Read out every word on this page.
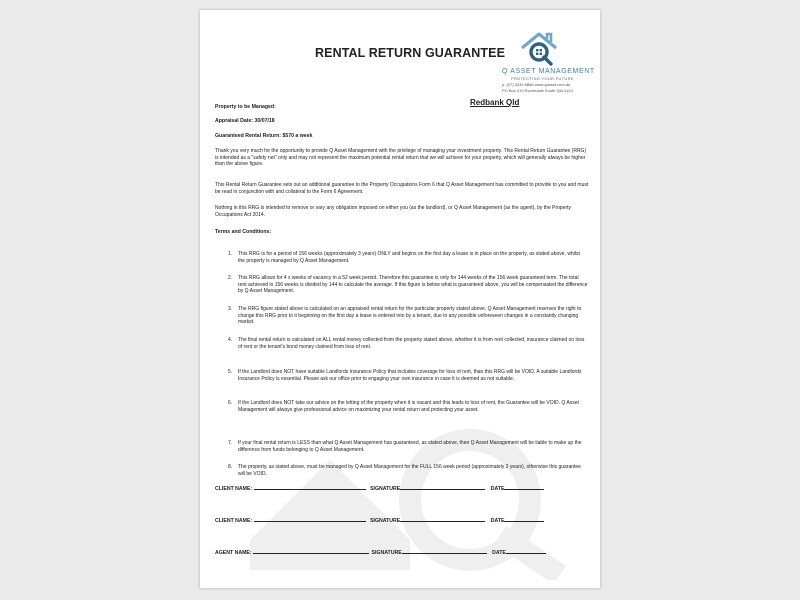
RENTAL RETURN GUARANTEE
Q ASSET MANAGEMENT
PROTECTING YOUR FUTURE
p. (07) 3249 8888 www.qasset.com.au
PO Box 219 Rochedale South Qld 4123
Property to be Managed:	Redbank Qld
Appraisal Date: 30/07/18
Guaranteed Rental Return: $570 a week

Thank you very much for the opportunity to provide Q Asset Management with the privilege of managing your investment property. This Rental Return Guarantee (RRG) is intended as a "safety net" only and may not represent the maximum potential rental return that we will achieve for your property, which will generally always be higher than the above figure.

This Rental Return Guarantee sets out an additional guarantee to the Property Occupations Form 6 that Q Asset Management has committed to provide to you and must be read in conjunction with and collateral to the Form 6 Agreement.

Nothing in this RRG is intended to remove or vary any obligation imposed on either you (as the landlord), or Q Asset Management (as the agent), by the Property Occupations Act 2014.

Terms and Conditions:
1. This RRG is for a period of 156 weeks (approximately 3 years) ONLY and begins on the first day a lease is in place on the property, as stated above, whilst the property is managed by Q Asset Management.
2. This RRG allows for 4 x weeks of vacancy in a 52 week period. Therefore this guarantee is only for 144 weeks of the 156 week guaranteed term. The total rent achieved in 156 weeks is divided by 144 to calculate the average. If this figure is below what is guaranteed above, you will be compensated the difference by Q Asset Management.
3. The RRG figure stated above is calculated on an appraised rental return for the particular property stated above. Q Asset Management reserves the right to change this RRG prior to it beginning on the first day a lease is entered into by a tenant, due to any possible unforeseen changes in a constantly changing market.
4. The final rental return is calculated on ALL rental money collected from the property stated above, whether it is from rent collected, insurance claimed on loss of rent or the tenant's bond money claimed from loss of rent.
5. If the Landlord does NOT have suitable Landlords Insurance Policy that includes coverage for loss of rent, than this RRG will be VOID. A suitable Landlords Insurance Policy is essential. Please ask our office prior to engaging your own insurance in case it is deemed as not suitable.
6. If the Landlord does NOT take our advice on the letting of the property when it is vacant and this leads to loss of rent, the Guarantee will be VOID. Q Asset Management will always give professional advice on maximizing your rental return and protecting your asset.
7. If your final rental return is LESS than what Q Asset Management has guaranteed, as stated above, then Q Asset Management will be liable to make up the difference from funds belonging to Q Asset Management.
8. The property, as stated above, must be managed by Q Asset Management for the FULL 156 week period (approximately 3 years), otherwise this guarantee will be VOID.
CLIENT NAME:	SIGNATURE	DATE
CLIENT NAME:	SIGNATURE	DATE
AGENT NAME:	SIGNATURE	DATE
